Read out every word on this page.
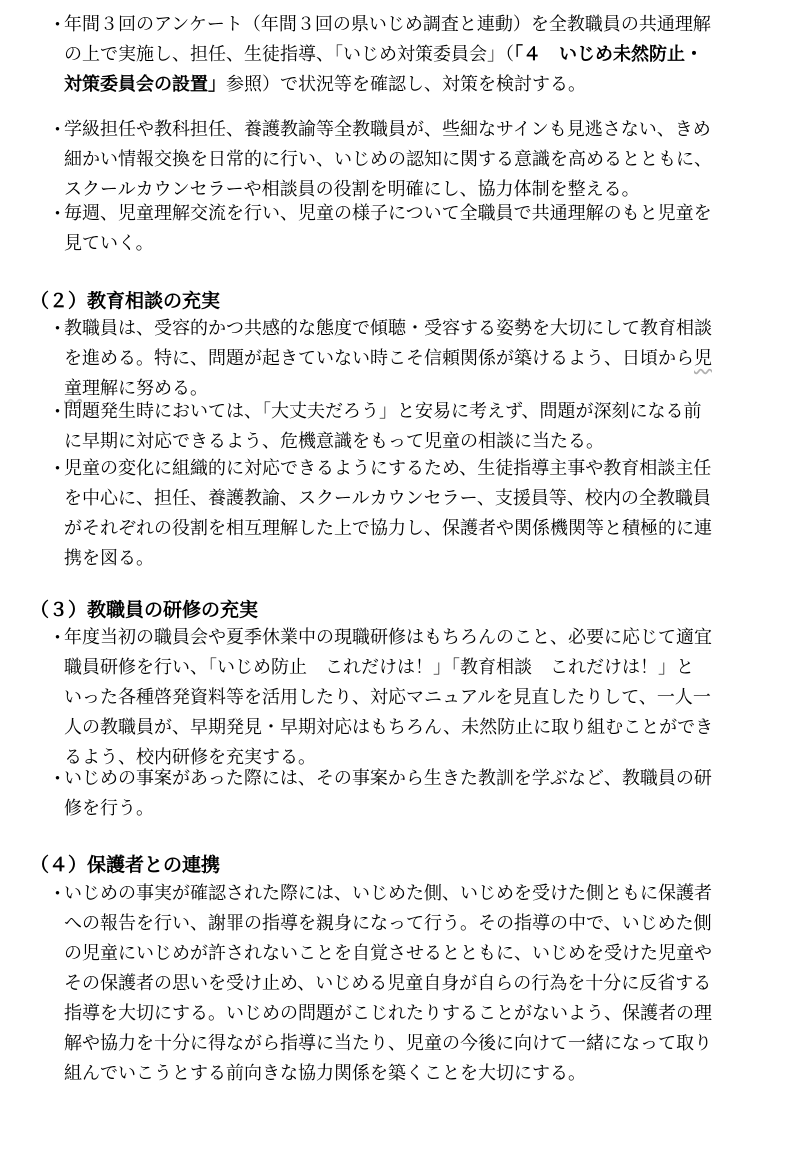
・
年間３回のアンケート（年間３回の県いじめ調査と連動）を全教職員の共通理解
の上で実施し、担任、生徒指導、「いじめ対策委員会」（「４　いじめ未然防止・
対策委員会の設置」参照）で状況等を確認し、対策を検討する。
・
学級担任や教科担任、養護教諭等全教職員が、些細なサインも見逃さない、きめ
細かい情報交換を日常的に行い、いじめの認知に関する意識を高めるとともに、
スクールカウンセラーや相談員の役割を明確にし、協力体制を整える。
・
毎週、児童理解交流を行い、児童の様子について全職員で共通理解のもと児童を
見ていく。
（２）教育相談の充実
・
教職員は、受容的かつ共感的な態度で傾聴・受容する姿勢を大切にして教育相談
を進める。特に、問題が起きていない時こそ信頼関係が築けるよう、日頃から児
童理解に努める。
・
問題発生時においては、「大丈夫だろう」と安易に考えず、問題が深刻になる前
に早期に対応できるよう、危機意識をもって児童の相談に当たる。
・
児童の変化に組織的に対応できるようにするため、生徒指導主事や教育相談主任
を中心に、担任、養護教諭、スクールカウンセラー、支援員等、校内の全教職員
がそれぞれの役割を相互理解した上で協力し、保護者や関係機関等と積極的に連
携を図る。
（３）教職員の研修の充実
・
年度当初の職員会や夏季休業中の現職研修はもちろんのこと、必要に応じて適宜
職員研修を行い、「いじめ防止　これだけは！」「教育相談　これだけは！」と
いった各種啓発資料等を活用したり、対応マニュアルを見直したりして、一人一
人の教職員が、早期発見・早期対応はもちろん、未然防止に取り組むことができ
るよう、校内研修を充実する。
・
いじめの事案があった際には、その事案から生きた教訓を学ぶなど、教職員の研
修を行う。
（４）保護者との連携
・
いじめの事実が確認された際には、いじめた側、いじめを受けた側ともに保護者
への報告を行い、謝罪の指導を親身になって行う。その指導の中で、いじめた側
の児童にいじめが許されないことを自覚させるとともに、いじめを受けた児童や
その保護者の思いを受け止め、いじめる児童自身が自らの行為を十分に反省する
指導を大切にする。いじめの問題がこじれたりすることがないよう、保護者の理
解や協力を十分に得ながら指導に当たり、児童の今後に向けて一緒になって取り
組んでいこうとする前向きな協力関係を築くことを大切にする。
